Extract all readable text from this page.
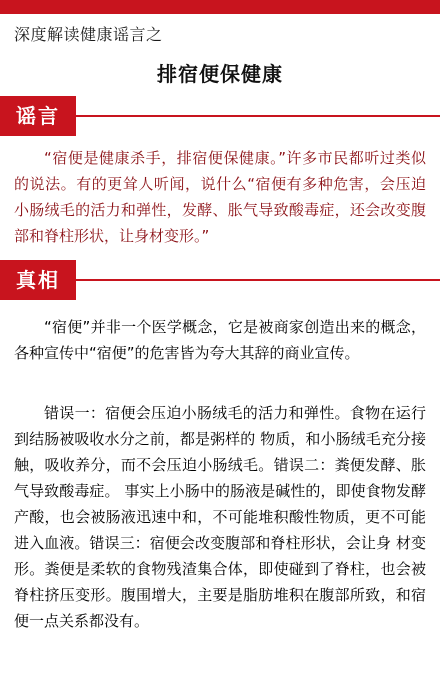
深度解读健康谣言之
排宿便保健康
谣言

“宿便是健康杀手，排宿便保健康。”许多市民都听过类似的说法。有的更耸人听闻，说什么“宿便有多种危害，会压迫小肠绒毛的活力和弹性，发酵、胀气导致酸毒症，还会改变腹部和脊柱形状，让身材变形。”

真相

“宿便”并非一个医学概念，它是被商家创造出来的概念，各种宣传中“宿便”的危害皆为夸大其辞的商业宣传。

错误一：宿便会压迫小肠绒毛的活力和弹性。食物在运行到结肠被吸收水分之前，都是粥样的 物质，和小肠绒毛充分接触，吸收养分，而不会压迫小肠绒毛。错误二：粪便发酵、胀气导致酸毒症。 事实上小肠中的肠液是碱性的，即使食物发酵产酸，也会被肠液迅速中和，不可能堆积酸性物质，更不可能进入血液。错误三：宿便会改变腹部和脊柱形状，会让身 材变形。粪便是柔软的食物残渣集合体，即使碰到了脊柱，也会被脊柱挤压变形。腹围增大，主要是脂肪堆积在腹部所致，和宿便一点关系都没有。
